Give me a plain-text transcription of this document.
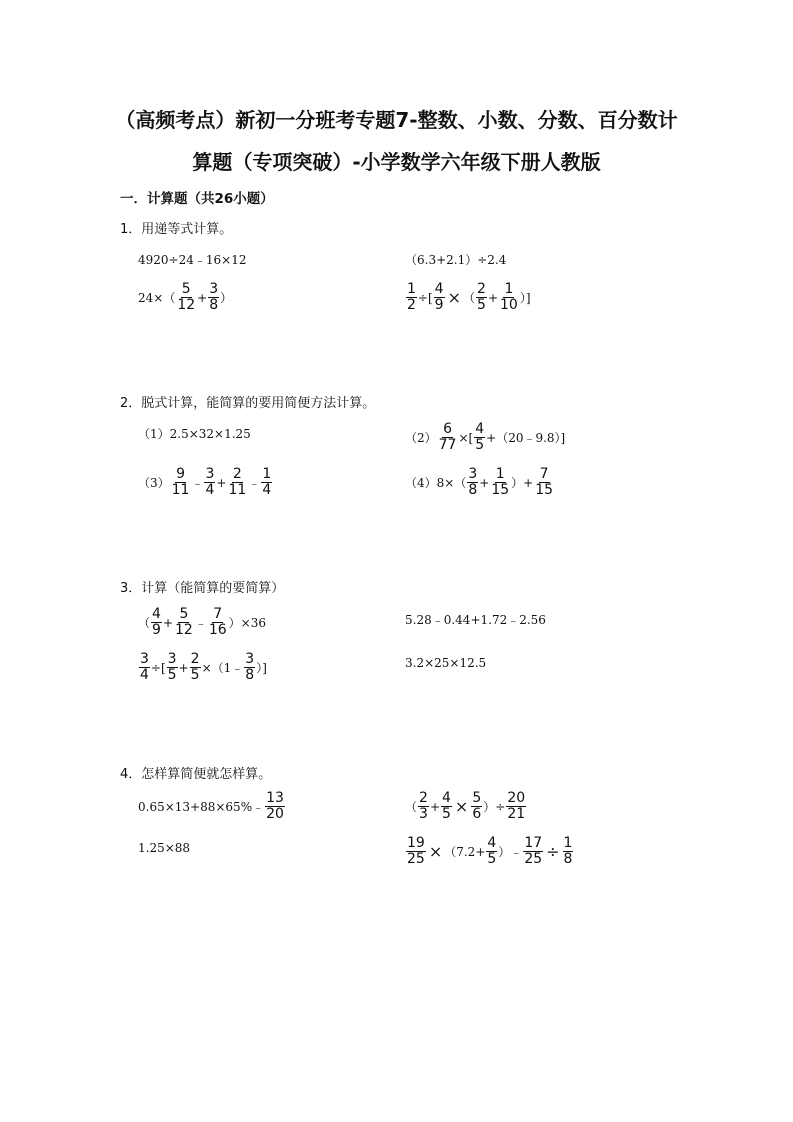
（高频考点）新初一分班考专题7-整数、小数、分数、百分数计
算题（专项突破）-小学数学六年级下册人教版
一．计算题（共26小题）
1．用递等式计算。
4920÷24﹣16×12	（6.3+2.1）÷2.4
$24\times( \frac{5}{12} + \frac{3}{8}$ ）	$\frac{1}{2}$ ÷[ $\frac{4}{9}$ × （ $\frac{2}{5} + \frac{1}{10}$ ）]
2．脱式计算，能简算的要用简便方法计算。
（1）2.5×32×1.25	$(2) \frac{6}{77}$ ×[ $\frac{4}{5}$ +（20﹣9.8）]
$(3) \frac{9}{11}$ ﹣ $\frac{3}{4} + \frac{2}{11}$ ﹣ $\frac{1}{4}$	$(4)8\times( \frac{3}{8} + \frac{1}{15}$ ）+ $\frac{7}{15}$
3．计算（能简算的要简算）
（ $\frac{4}{9} + \frac{5}{12}$ ﹣ $\frac{7}{16} )\times 36$	5.28﹣0.44+1.72﹣2.56
$\frac{3}{4}$ ÷[ $\frac{3}{5} + \frac{2}{5}$ ×（1﹣ $\frac{3}{8}$ ）]	3.2×25×12.5
4．怎样算简便就怎样算。
0.65×13+88×65%﹣ $\frac{13}{20}$	（ $\frac{2}{3} + \frac{4}{5} \times \frac{5}{6}$ ）÷ $\frac{20}{21}$
1.25×88	$\frac{19}{25} \times (7.2+ \frac{4}{5}$ ）﹣ $\frac{17}{25} \div \frac{1}{8}$
